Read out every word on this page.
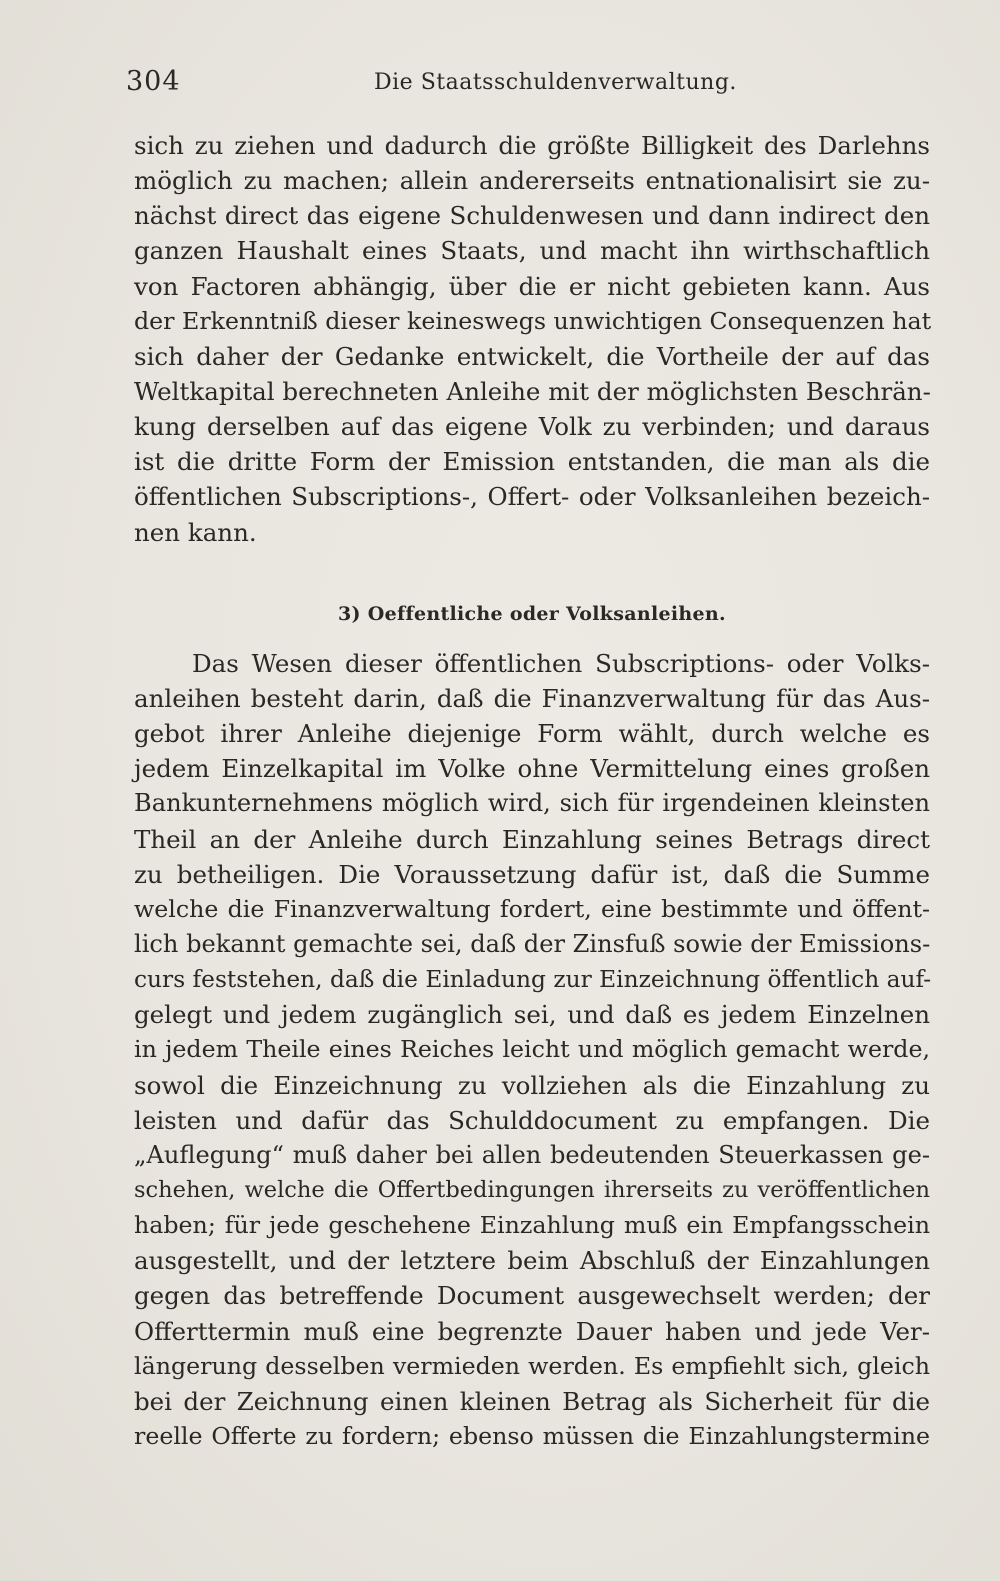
304	Die Staatsschuldenverwaltung.
sich zu ziehen und dadurch die größte Billigkeit des Darlehns
möglich zu machen; allein andererseits entnationalisirt sie zu-
nächst direct das eigene Schuldenwesen und dann indirect den
ganzen Haushalt eines Staats, und macht ihn wirthschaftlich
von Factoren abhängig, über die er nicht gebieten kann. Aus
der Erkenntniß dieser keineswegs unwichtigen Consequenzen hat
sich daher der Gedanke entwickelt, die Vortheile der auf das
Weltkapital berechneten Anleihe mit der möglichsten Beschrän-
kung derselben auf das eigene Volk zu verbinden; und daraus
ist die dritte Form der Emission entstanden, die man als die
öffentlichen Subscriptions-, Offert- oder Volksanleihen bezeich-
nen kann.
3) Oeffentliche oder Volksanleihen.
Das Wesen dieser öffentlichen Subscriptions- oder Volks-
anleihen besteht darin, daß die Finanzverwaltung für das Aus-
gebot ihrer Anleihe diejenige Form wählt, durch welche es
jedem Einzelkapital im Volke ohne Vermittelung eines großen
Bankunternehmens möglich wird, sich für irgendeinen kleinsten
Theil an der Anleihe durch Einzahlung seines Betrags direct
zu betheiligen. Die Voraussetzung dafür ist, daß die Summe
welche die Finanzverwaltung fordert, eine bestimmte und öffent-
lich bekannt gemachte sei, daß der Zinsfuß sowie der Emissions-
curs feststehen, daß die Einladung zur Einzeichnung öffentlich auf-
gelegt und jedem zugänglich sei, und daß es jedem Einzelnen
in jedem Theile eines Reiches leicht und möglich gemacht werde,
sowol die Einzeichnung zu vollziehen als die Einzahlung zu
leisten und dafür das Schulddocument zu empfangen. Die
„Auflegung“ muß daher bei allen bedeutenden Steuerkassen ge-
schehen, welche die Offertbedingungen ihrerseits zu veröffentlichen
haben; für jede geschehene Einzahlung muß ein Empfangsschein
ausgestellt, und der letztere beim Abschluß der Einzahlungen
gegen das betreffende Document ausgewechselt werden; der
Offerttermin muß eine begrenzte Dauer haben und jede Ver-
längerung desselben vermieden werden. Es empfiehlt sich, gleich
bei der Zeichnung einen kleinen Betrag als Sicherheit für die
reelle Offerte zu fordern; ebenso müssen die Einzahlungstermine
